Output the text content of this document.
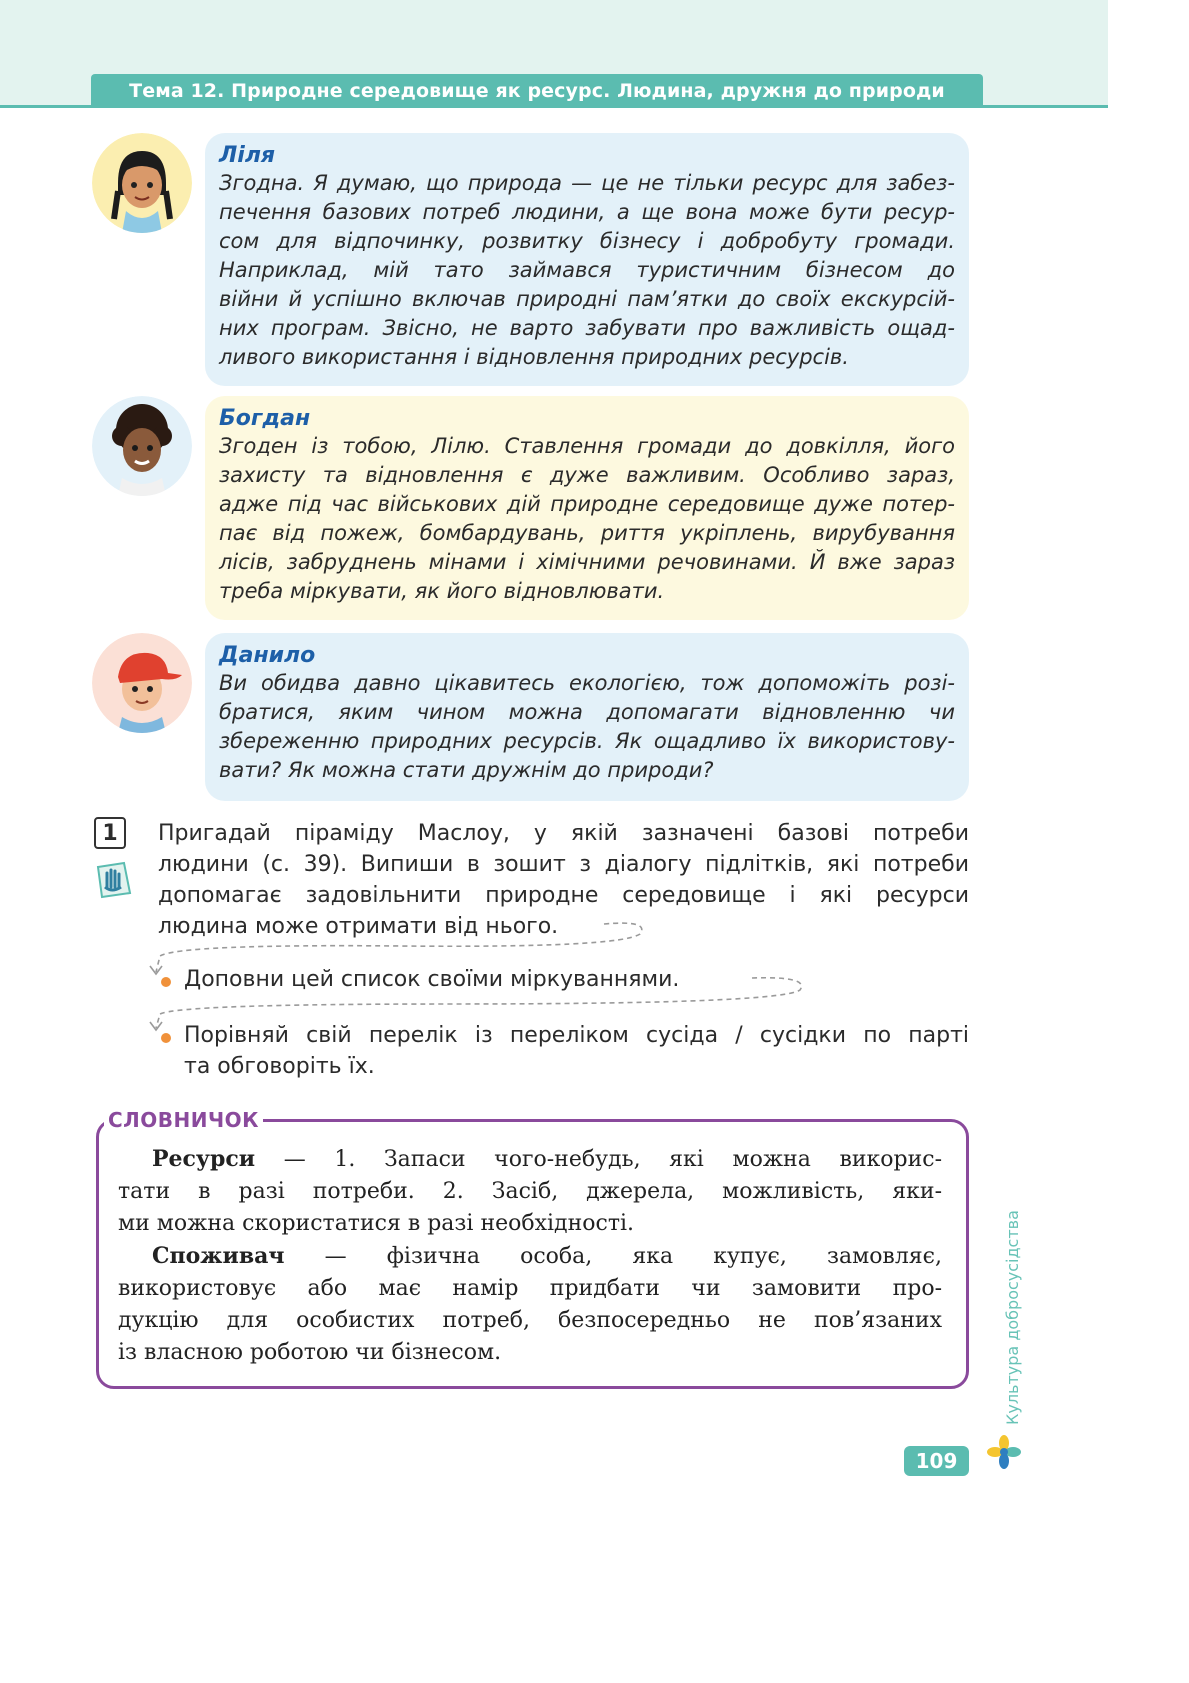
Тема 12. Природне середовище як ресурс. Людина, дружня до природи
Ліля

Згодна. Я думаю, що природа — це не тільки ресурс для забез-

печення базових потреб людини, а ще вона може бути ресур-

сом для відпочинку, розвитку бізнесу і добробуту громади.

Наприклад, мій тато займався туристичним бізнесом до

війни й успішно включав природні пам’ятки до своїх екскурсій-

них програм. Звісно, не варто забувати про важливість ощад-

ливого використання і відновлення природних ресурсів.

Богдан

Згоден із тобою, Лілю. Ставлення громади до довкілля, його

захисту та відновлення є дуже важливим. Особливо зараз,

адже під час військових дій природне середовище дуже потер-

пає від пожеж, бомбардувань, риття укріплень, вирубування

лісів, забруднень мінами і хімічними речовинами. Й вже зараз

треба міркувати, як його відновлювати.

Данило

Ви обидва давно цікавитесь екологією, тож допоможіть розі-

братися, яким чином можна допомагати відновленню чи

збереженню природних ресурсів. Як ощадливо їх використову-

вати? Як можна стати дружнім до природи?

1	Пригадай піраміду Маслоу, у якій зазначені базові потреби

людини (с. 39). Випиши в зошит з діалогу підлітків, які потреби

допомагає задовільнити природне середовище і які ресурси

людина може отримати від нього.

Доповни цей список своїми міркуваннями.

Порівняй свій перелік із переліком сусіда / сусідки по парті

та обговоріть їх.

СЛОВНИЧОК

Ресурси — 1. Запаси чого-небудь, які можна викорис-

тати в разі потреби. 2. Засіб, джерела, можливість, яки-

ми можна скористатися в разі необхідності.

Споживач — фізична особа, яка купує, замовляє,

використовує або має намір придбати чи замовити про-

дукцію для особистих потреб, безпосередньо не пов’язаних

із власною роботою чи бізнесом.	Культура добросусідства
109
